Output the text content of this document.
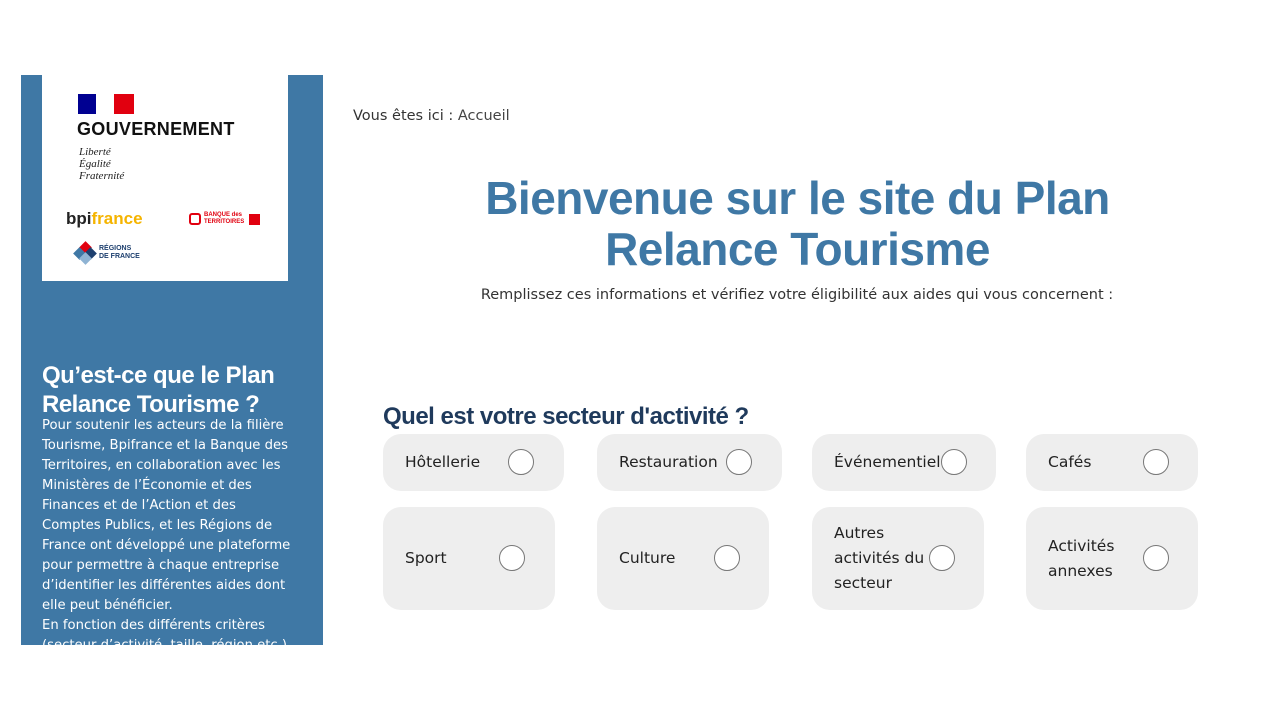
GOUVERNEMENT
Liberté
Égalité
Fraternité
bpifrance	BANQUE des
TERRITOIRES
RÉGIONS
DE FRANCE
Qu’est-ce que le Plan Relance Tourisme ?

Pour soutenir les acteurs de la filière Tourisme, Bpifrance et la Banque des Territoires, en collaboration avec les Ministères de l’Économie et des Finances et de l’Action et des Comptes Publics, et les Régions de France ont développé une plateforme pour permettre à chaque entreprise d’identifier les différentes aides dont elle peut bénéficier.

En fonction des différents critères (secteur d’activité, taille, région etc.)

Vous êtes ici : Accueil
Bienvenue sur le site du Plan Relance Tourisme
Remplissez ces informations et vérifiez votre éligibilité aux aides qui vous concernent :
Quel est votre secteur d'activité ?
Hôtellerie	Restauration	Événementiel	Cafés
Sport	Culture
Autres activités du secteur
Activités annexes
